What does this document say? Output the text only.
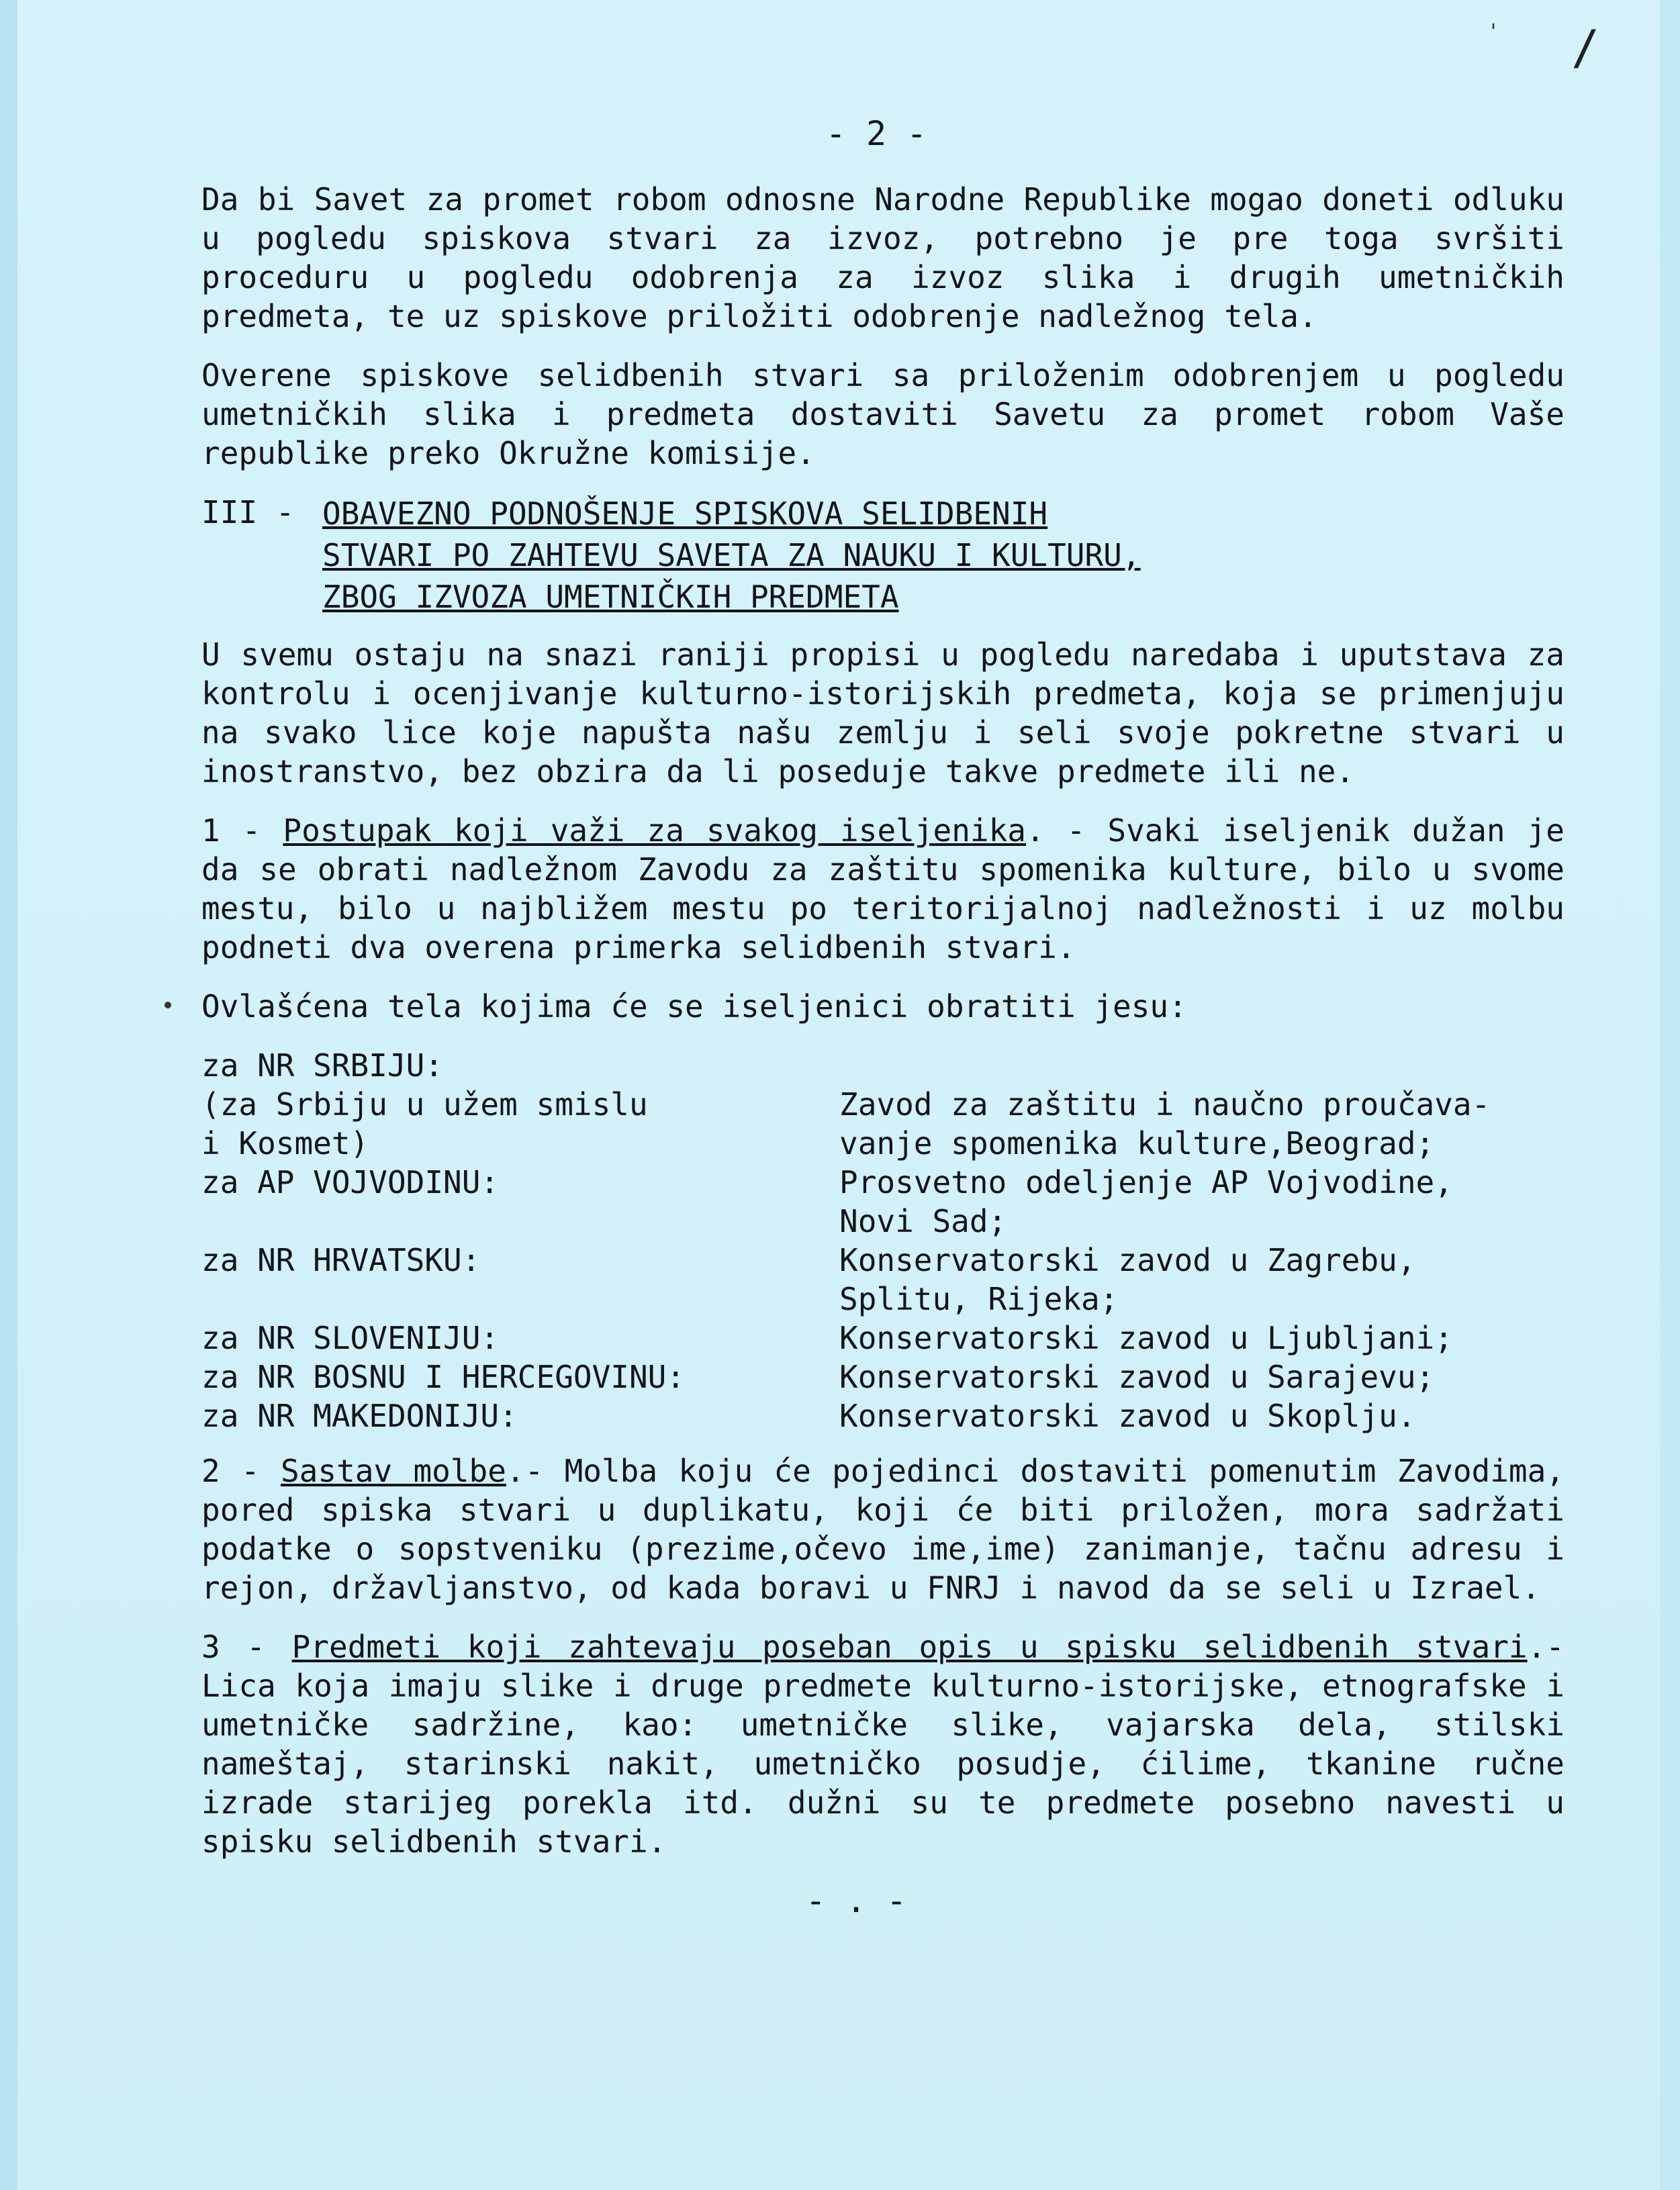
/
'
- 2 -

Da bi Savet za promet robom odnosne Narodne Republike mogao doneti odluku u pogledu spiskova stvari za izvoz, potrebno je pre toga svršiti proceduru u pogledu odobrenja za izvoz slika i drugih umetničkih predmeta, te uz spiskove priložiti odobrenje nadležnog tela.

Overene spiskove selidbenih stvari sa priloženim odobrenjem u pogledu umetničkih slika i predmeta dostaviti Savetu za promet robom Vaše republike preko Okružne komisije.

III - OBAVEZNO PODNOŠENJE SPISKOVA SELIDBENIH
STVARI PO ZAHTEVU SAVETA ZA NAUKU I KULTURU,
ZBOG IZVOZA UMETNIČKIH PREDMETA

U svemu ostaju na snazi raniji propisi u pogledu naredaba i uputstava za kontrolu i ocenjivanje kulturno-istorijskih predmeta, koja se primenjuju na svako lice koje napušta našu zemlju i seli svoje pokretne stvari u inostranstvo, bez obzira da li poseduje takve predmete ili ne.

1 - Postupak koji važi za svakog iseljenika. - Svaki iseljenik dužan je da se obrati nadležnom Zavodu za zaštitu spomenika kulture, bilo u svome mestu, bilo u najbližem mestu po teritorijalnoj nadležnosti i uz molbu podneti dva overena primerka selidbenih stvari.

Ovlašćena tela kojima će se iseljenici obratiti jesu:

za NR SRBIJU:
(za Srbiju u užem smislu	Zavod za zaštitu i naučno proučava-
i Kosmet)	vanje spomenika kulture,Beograd;
za AP VOJVODINU:	Prosvetno odeljenje AP Vojvodine,
Novi Sad;
za NR HRVATSKU:	Konservatorski zavod u Zagrebu,
Splitu, Rijeka;
za NR SLOVENIJU:	Konservatorski zavod u Ljubljani;
za NR BOSNU I HERCEGOVINU:	Konservatorski zavod u Sarajevu;
za NR MAKEDONIJU:	Konservatorski zavod u Skoplju.

2 - Sastav molbe.- Molba koju će pojedinci dostaviti pomenutim Zavodima, pored spiska stvari u duplikatu, koji će biti priložen, mora sadržati podatke o sopstveniku (prezime,očevo ime,ime) zanimanje, tačnu adresu i rejon, državljanstvo, od kada boravi u FNRJ i navod da se seli u Izrael.

3 - Predmeti koji zahtevaju poseban opis u spisku selidbenih stvari.- Lica koja imaju slike i druge predmete kulturno-istorijske, etnografske i umetničke sadržine, kao: umetničke slike, vajarska dela, stilski nameštaj, starinski nakit, umetničko posudje, ćilime, tkanine ručne izrade starijeg porekla itd. dužni su te predmete posebno navesti u spisku selidbenih stvari.

- . -
